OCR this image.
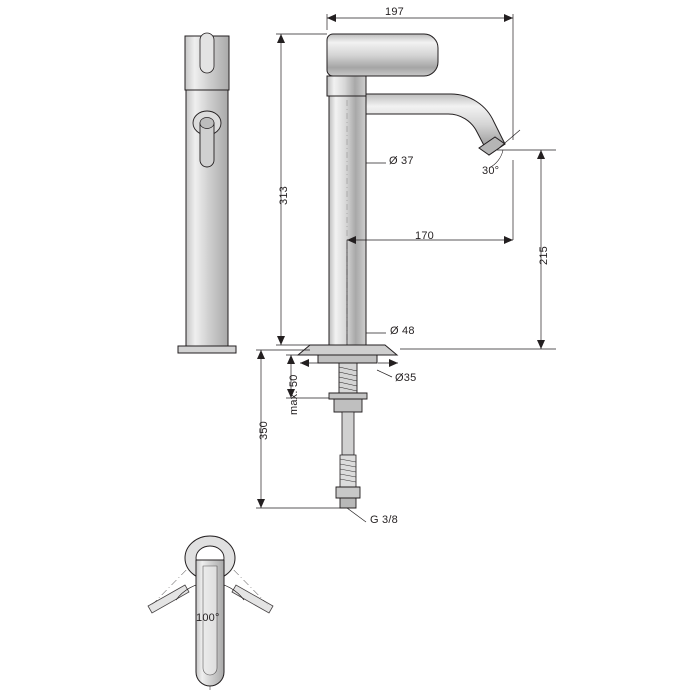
197
313
Ø 37
170
215
30°
Ø 48
Ø35
350
max. 50
G 3/8
100°
